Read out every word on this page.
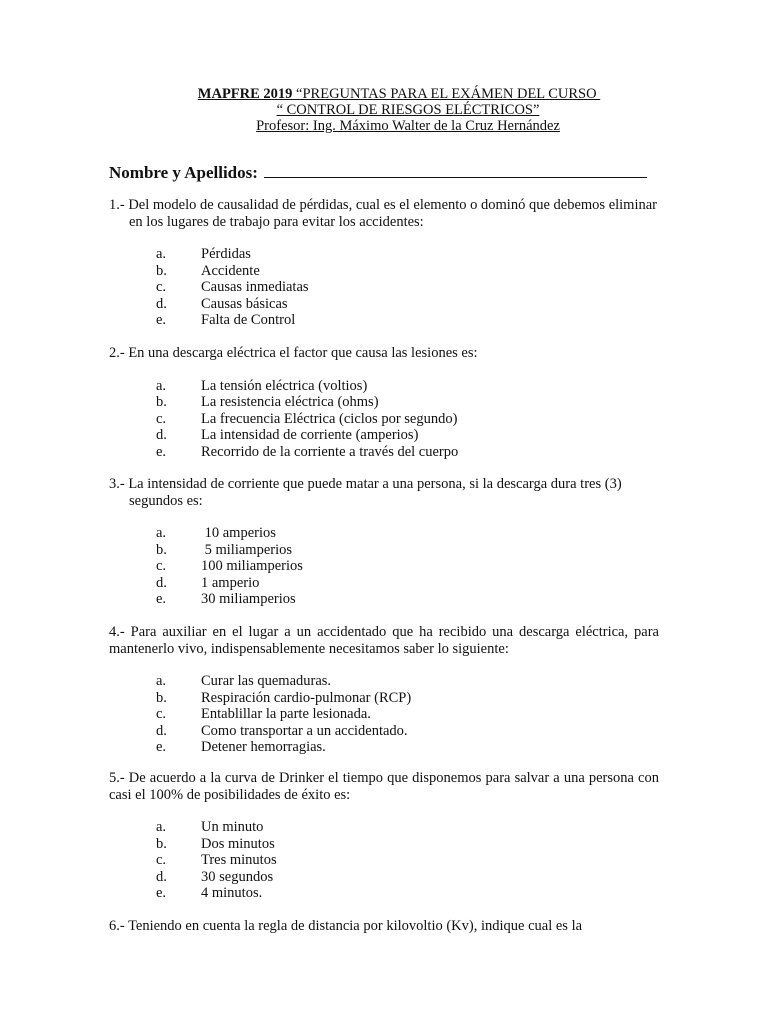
MAPFRE 2019 “PREGUNTAS PARA EL EXÁMEN DEL CURSO
“ CONTROL DE RIESGOS ELÉCTRICOS”
Profesor: Ing. Máximo Walter de la Cruz Hernández
Nombre y Apellidos:

1.- Del modelo de causalidad de pérdidas, cual es el elemento o dominó que debemos eliminar en los lugares de trabajo para evitar los accidentes:

a. Pérdidas
b. Accidente
c. Causas inmediatas
d. Causas básicas
e. Falta de Control

2.- En una descarga eléctrica el factor que causa las lesiones es:

a. La tensión eléctrica (voltios)
b. La resistencia eléctrica (ohms)
c. La frecuencia Eléctrica (ciclos por segundo)
d. La intensidad de corriente (amperios)
e. Recorrido de la corriente a través del cuerpo

3.- La intensidad de corriente que puede matar a una persona, si la descarga dura tres (3) segundos es:

a. 10 amperios
b. 5 miliamperios
c. 100 miliamperios
d. 1 amperio
e. 30 miliamperios

4.- Para auxiliar en el lugar a un accidentado que ha recibido una descarga eléctrica, para mantenerlo vivo, indispensablemente necesitamos saber lo siguiente:

a. Curar las quemaduras.
b. Respiración cardio-pulmonar (RCP)
c. Entablillar la parte lesionada.
d. Como transportar a un accidentado.
e. Detener hemorragias.

5.- De acuerdo a la curva de Drinker el tiempo que disponemos para salvar a una persona con casi el 100% de posibilidades de éxito es:

a. Un minuto
b. Dos minutos
c. Tres minutos
d. 30 segundos
e. 4 minutos.

6.- Teniendo en cuenta la regla de distancia por kilovoltio (Kv), indique cual es la
